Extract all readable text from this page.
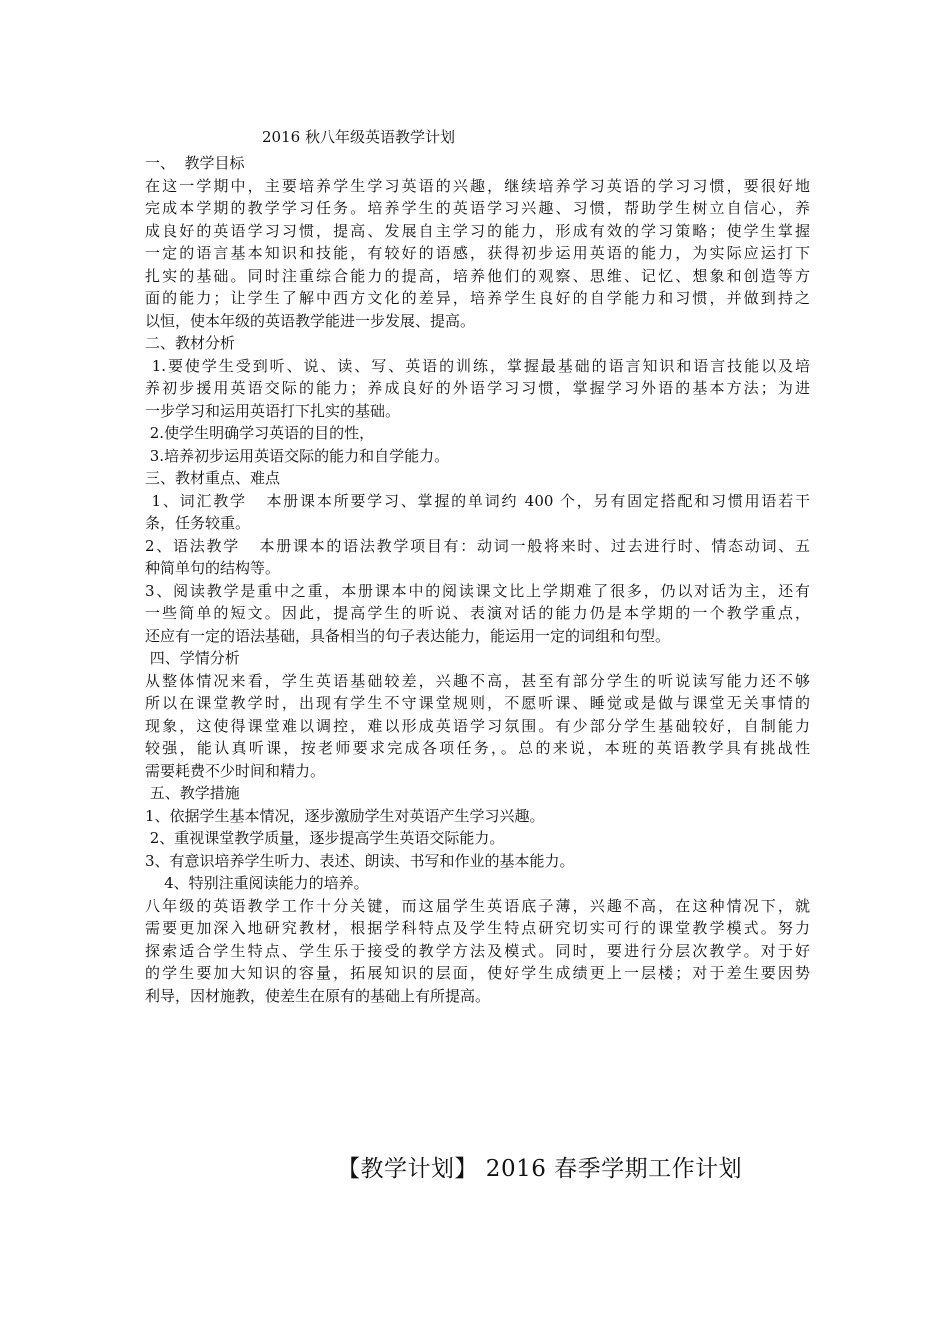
2016 秋八年级英语教学计划
一、  教学目标
在这一学期中，主要培养学生学习英语的兴趣，继续培养学习英语的学习习惯，要很好地
完成本学期的教学学习任务。培养学生的英语学习兴趣、习惯，帮助学生树立自信心，养
成良好的英语学习习惯，提高、发展自主学习的能力，形成有效的学习策略；使学生掌握
一定的语言基本知识和技能，有较好的语感，获得初步运用英语的能力，为实际应运打下
扎实的基础。同时注重综合能力的提高，培养他们的观察、思维、记忆、想象和创造等方
面的能力；让学生了解中西方文化的差异，培养学生良好的自学能力和习惯，并做到持之
以恒，使本年级的英语教学能进一步发展、提高。
二、教材分析
1.要使学生受到听、说、读、写、英语的训练，掌握最基础的语言知识和语言技能以及培
养初步援用英语交际的能力；养成良好的外语学习习惯，掌握学习外语的基本方法；为进
一步学习和运用英语打下扎实的基础。
2.使学生明确学习英语的目的性，
3.培养初步运用英语交际的能力和自学能力。
三、教材重点、难点
1、词汇教学   本册课本所要学习、掌握的单词约 400 个，另有固定搭配和习惯用语若干
条，任务较重。
2、语法教学   本册课本的语法教学项目有：动词一般将来时、过去进行时、情态动词、五
种简单句的结构等。
3、阅读教学是重中之重，本册课本中的阅读课文比上学期难了很多，仍以对话为主，还有
一些简单的短文。因此，提高学生的听说、表演对话的能力仍是本学期的一个教学重点，
还应有一定的语法基础，具备相当的句子表达能力，能运用一定的词组和句型。
四、学情分析
从整体情况来看，学生英语基础较差，兴趣不高，甚至有部分学生的听说读写能力还不够
所以在课堂教学时，出现有学生不守课堂规则，不愿听课、睡觉或是做与课堂无关事情的
现象，这使得课堂难以调控，难以形成英语学习氛围。有少部分学生基础较好，自制能力
较强，能认真听课，按老师要求完成各项任务，。总的来说，本班的英语教学具有挑战性
需要耗费不少时间和精力。
五、教学措施
1、依据学生基本情况，逐步激励学生对英语产生学习兴趣。
2、重视课堂教学质量，逐步提高学生英语交际能力。
3、有意识培养学生听力、表述、朗读、书写和作业的基本能力。
4、特别注重阅读能力的培养。
八年级的英语教学工作十分关键，而这届学生英语底子薄，兴趣不高，在这种情况下，就
需要更加深入地研究教材，根据学科特点及学生特点研究切实可行的课堂教学模式。努力
探索适合学生特点、学生乐于接受的教学方法及模式。同时，要进行分层次教学。对于好
的学生要加大知识的容量，拓展知识的层面，使好学生成绩更上一层楼；对于差生要因势
利导，因材施教，使差生在原有的基础上有所提高。
【教学计划】 2016 春季学期工作计划
